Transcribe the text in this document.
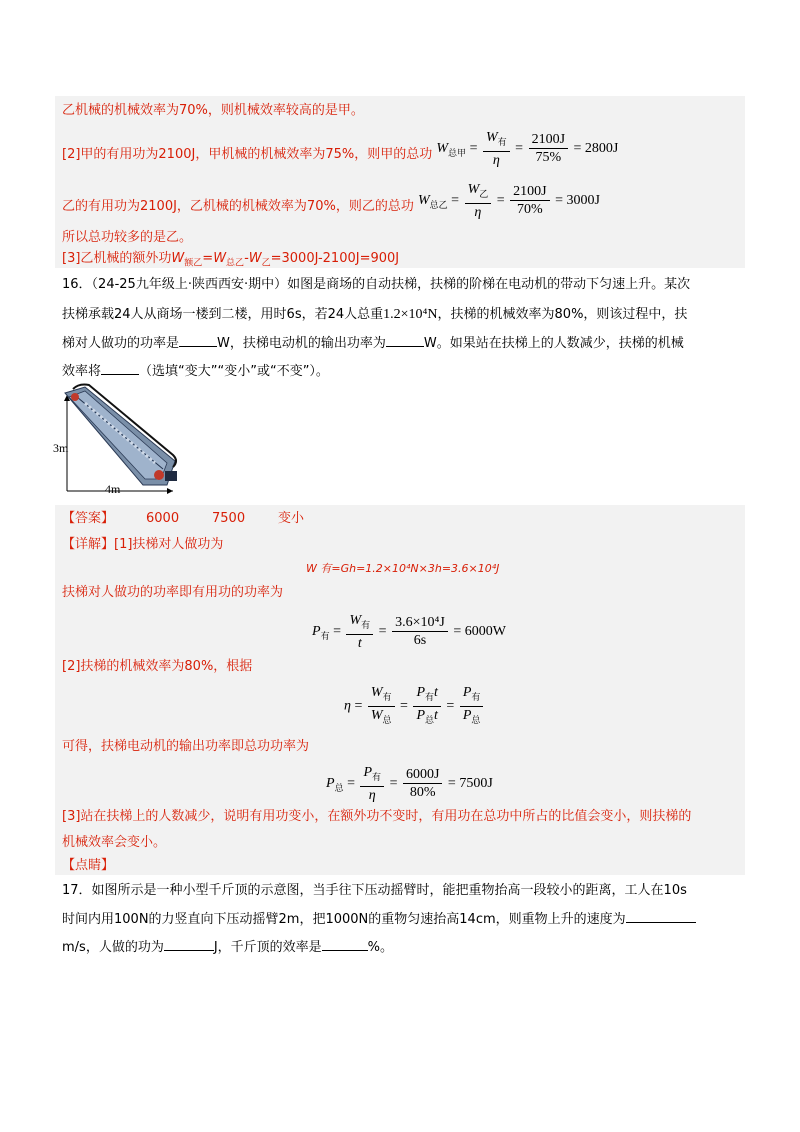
乙机械的机械效率为70%，则机械效率较高的是甲。
[2]甲的有用功为2100J，甲机械的机械效率为75%，则甲的总功 $W_{总甲} = \frac{W_有}{\eta} = \frac{2100J}{75\%} = 2800J$
乙的有用功为2100J，乙机械的机械效率为70%，则乙的总功 $W_{总乙} = \frac{W_乙}{\eta} = \frac{2100J}{70\%} = 3000J$
所以总功较多的是乙。
[3]乙机械的额外功$W_{额乙}=W_{总乙}-W_乙=3000J-2100J=900J$
16．（24-25九年级上·陕西西安·期中）如图是商场的自动扶梯，扶梯的阶梯在电动机的带动下匀速上升。某次
扶梯承载24人从商场一楼到二楼，用时6s，若24人总重1.2×10⁴N，扶梯的机械效率为80%，则该过程中，扶
梯对人做功的功率是	W，扶梯电动机的输出功率为	W。如果站在扶梯上的人数减少，扶梯的机械
效率将	（选填“变大”“变小”或“不变”）。
3m
4m
【答案】 6000	7500	变小
【详解】[1]扶梯对人做功为
W 有=Gh=1.2×10⁴N×3h=3.6×10⁴J
扶梯对人做功的功率即有用功的功率为
$P_有 = \frac{W_有}{t} = \frac{\text{3.6×10⁴J}}{6s} = 6000W$
[2]扶梯的机械效率为80%，根据
$\eta = \frac{W_有}{W_总} = \frac{P_有t}{P_总t} = \frac{P_有}{P_总}$
可得，扶梯电动机的输出功率即总功功率为
$P_总 = \frac{P_有}{\eta} = \frac{6000J}{80\%} = 7500J$
[3]站在扶梯上的人数减少，说明有用功变小，在额外功不变时，有用功在总功中所占的比值会变小，则扶梯的
机械效率会变小。
【点睛】
17．如图所示是一种小型千斤顶的示意图，当手往下压动摇臂时，能把重物抬高一段较小的距离，工人在10s
时间内用100N的力竖直向下压动摇臂2m，把1000N的重物匀速抬高14cm，则重物上升的速度为
m/s，人做的功为	J，千斤顶的效率是	%。
